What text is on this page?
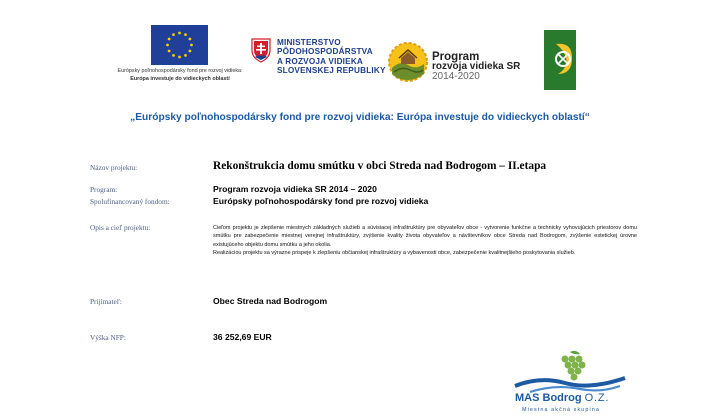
Európsky poľnohospodársky fond pre rozvoj vidieka:
Európa investuje do vidieckych oblastí
MINISTERSTVO
PÔDOHOSPODÁRSTVA
A ROZVOJA VIDIEKA
SLOVENSKEJ REPUBLIKY
Program
rozvoja vidieka SR
2014-2020
LEADER
„Európsky poľnohospodársky fond pre rozvoj vidieka: Európa investuje do vidieckych oblastí“
Názov projektu:	Rekonštrukcia domu smútku v obci Streda nad Bodrogom – II.etapa
Program:	Program rozvoja vidieka SR 2014 – 2020
Spolufinancovaný fondom:	Európsky poľnohospodársky fond pre rozvoj vidieka
Opis a cieľ projektu:	Cieľom projektu je zlepšenie miestnych základných služieb a súvisiacej infraštruktúry pre obyvateľov obce - vytvorenie funkčne a technicky vyhovujúcich priestorov domu smútku pre zabezpečenie miestnej verejnej infraštruktúry, zvýšenie kvality života obyvateľov a návštevníkov obce Streda nad Bodrogom, zvýšenie estetickej úrovne existujúceho objektu domu smútku a jeho okolia.

Realizáciou projektu sa výrazne prispeje k zlepšeniu občianskej infraštruktúry a vybavenosti obce, zabezpečenie kvalitnejšieho poskytovania služieb.

Prijímateľ:	Obec Streda nad Bodrogom
Výška NFP:	36 252,69 EUR
MAS Bodrog O.Z.
Miestna akčná skupina
